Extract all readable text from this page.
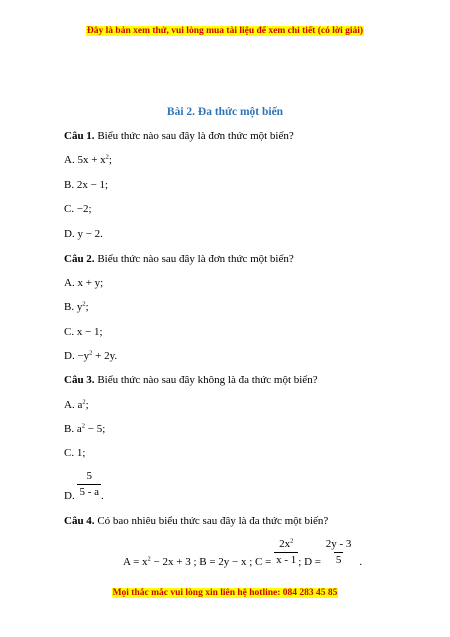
Đây là bản xem thử, vui lòng mua tài liệu để xem chi tiết (có lời giải)
Bài 2. Đa thức một biến
Câu 1. Biểu thức nào sau đây là đơn thức một biến?
A. $5x + x^2$;
B. 2x − 1;
C. −2;
D. y − 2.
Câu 2. Biểu thức nào sau đây là đơn thức một biến?
A. x + y;
B. $y^2$;
C. x − 1;
D. $-y^2 + 2y$.
Câu 3. Biểu thức nào sau đây không là đa thức một biến?
A. $a^2$;
B. $a^2 - 5$;
C. 1;
D. $\frac{5}{5 - a}$ .
Câu 4. Có bao nhiêu biểu thức sau đây là đa thức một biến?
$A = x^2 - 2x + 3$ ; B = 2y − x ; $C = \frac{2x^2}{x - 1}$ ; $D = \frac{2y - 3}{5}$ .
Mọi thắc mắc vui lòng xin liên hệ hotline: 084 283 45 85
